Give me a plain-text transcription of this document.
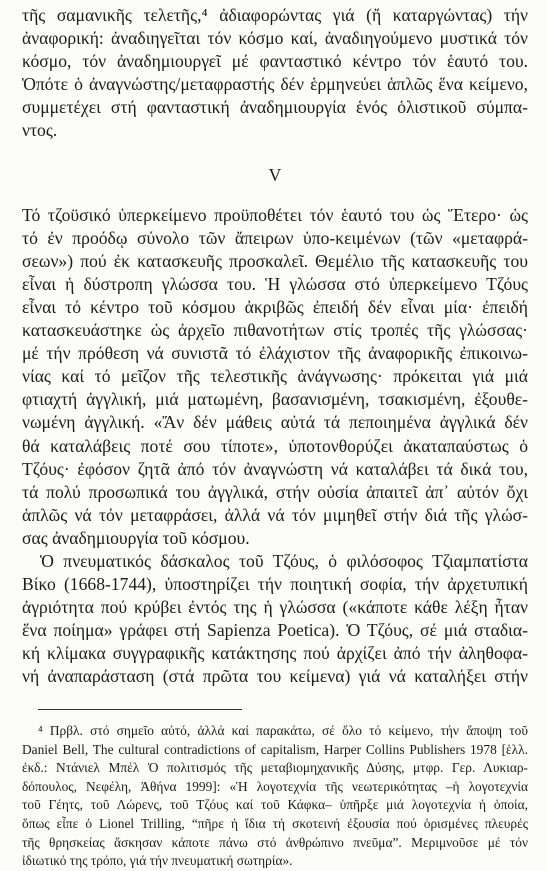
τῆς σαμανικῆς τελετῆς,⁴ ἀδιαφορώντας γιά (ἤ καταργώντας) τήν
ἀναφορική: ἀναδιηγεῖται τόν κόσμο καί, ἀναδιηγούμενο μυστικά τόν
κόσμο, τόν ἀναδημιουργεῖ μέ φανταστικό κέντρο τόν ἑαυτό του.
Ὁπότε ὁ ἀναγνώστης/μεταφραστής δέν ἑρμηνεύει ἁπλῶς ἕνα κείμενο,
συμμετέχει στή φανταστική ἀναδημιουργία ἑνός ὁλιστικοῦ σύμπα-
ντος.
V
Τό τζοϋσικό ὑπερκείμενο προϋποθέτει τόν ἑαυτό του ὡς Ἕτερο· ὡς
τό ἐν προόδῳ σύνολο τῶν ἄπειρων ὑπο-κειμένων (τῶν «μεταφρά-
σεων») πού ἐκ κατασκευῆς προσκαλεῖ. Θεμέλιο τῆς κατασκευῆς του
εἶναι ἡ δύστροπη γλώσσα του. Ἡ γλώσσα στό ὑπερκείμενο Τζόυς
εἶναι τό κέντρο τοῦ κόσμου ἀκριβῶς ἐπειδή δέν εἶναι μία· ἐπειδή
κατασκευάστηκε ὡς ἀρχεῖο πιθανοτήτων στίς τροπές τῆς γλώσσας·
μέ τήν πρόθεση νά συνιστᾶ τό ἐλάχιστον τῆς ἀναφορικῆς ἐπικοινω-
νίας καί τό μεῖζον τῆς τελεστικῆς ἀνάγνωσης· πρόκειται γιά μιά
φτιαχτή ἀγγλική, μιά ματωμένη, βασανισμένη, τσακισμένη, ἐξουθε-
νωμένη ἀγγλική. «Ἄν δέν μάθεις αὐτά τά πεποιημένα ἀγγλικά δέν
θά καταλάβεις ποτέ σου τίποτε», ὑποτονθορύζει ἀκαταπαύστως ὁ
Τζόυς· ἐφόσον ζητᾶ ἀπό τόν ἀναγνώστη νά καταλάβει τά δικά του,
τά πολύ προσωπικά του ἀγγλικά, στήν οὐσία ἀπαιτεῖ ἀπ᾽ αὐτόν ὄχι
ἁπλῶς νά τόν μεταφράσει, ἀλλά νά τόν μιμηθεῖ στήν διά τῆς γλώσ-
σας ἀναδημιουργία τοῦ κόσμου.
Ὁ πνευματικός δάσκαλος τοῦ Τζόυς, ὁ φιλόσοφος Τζιαμπατίστα
Βίκο (1668-1744), ὑποστηρίζει τήν ποιητική σοφία, τήν ἀρχετυπική
ἀγριότητα πού κρύβει ἐντός της ἡ γλώσσα («κάποτε κάθε λέξη ἦταν
ἕνα ποίημα» γράφει στή Sapienza Poetica). Ὁ Τζόυς, σέ μιά σταδια-
κή κλίμακα συγγραφικῆς κατάκτησης πού ἀρχίζει ἀπό τήν ἀληθοφα-
νή ἀναπαράσταση (στά πρῶτα του κείμενα) γιά νά καταλήξει στήν
⁴ Πρβλ. στό σημεῖο αὐτό, ἀλλά καί παρακάτω, σέ ὅλο τό κείμενο, τήν ἄποψη τοῦ
Daniel Bell, The cultural contradictions of capitalism, Harper Collins Publishers 1978 [ἑλλ.
ἐκδ.: Ντάνιελ Μπέλ Ὁ πολιτισμός τῆς μεταβιομηχανικῆς Δύσης, μτφρ. Γερ. Λυκιαρ-
δόπουλος, Νεφέλη, Ἀθήνα 1999]: «Ἡ λογοτεχνία τῆς νεωτερικότητας –ἡ λογοτεχνία
τοῦ Γέητς, τοῦ Λώρενς, τοῦ Τζόυς καί τοῦ Κάφκα– ὑπῆρξε μιά λογοτεχνία ἡ ὁποία,
ὅπως εἶπε ὁ Lionel Trilling, “πῆρε ἡ ἴδια τή σκοτεινή ἐξουσία πού ὁρισμένες πλευρές
τῆς θρησκείας ἄσκησαν κάποτε πάνω στό ἀνθρώπινο πνεῦμα”. Μεριμνοῦσε μέ τόν
ἰδιωτικό της τρόπο, γιά τήν πνευματική σωτηρία».
